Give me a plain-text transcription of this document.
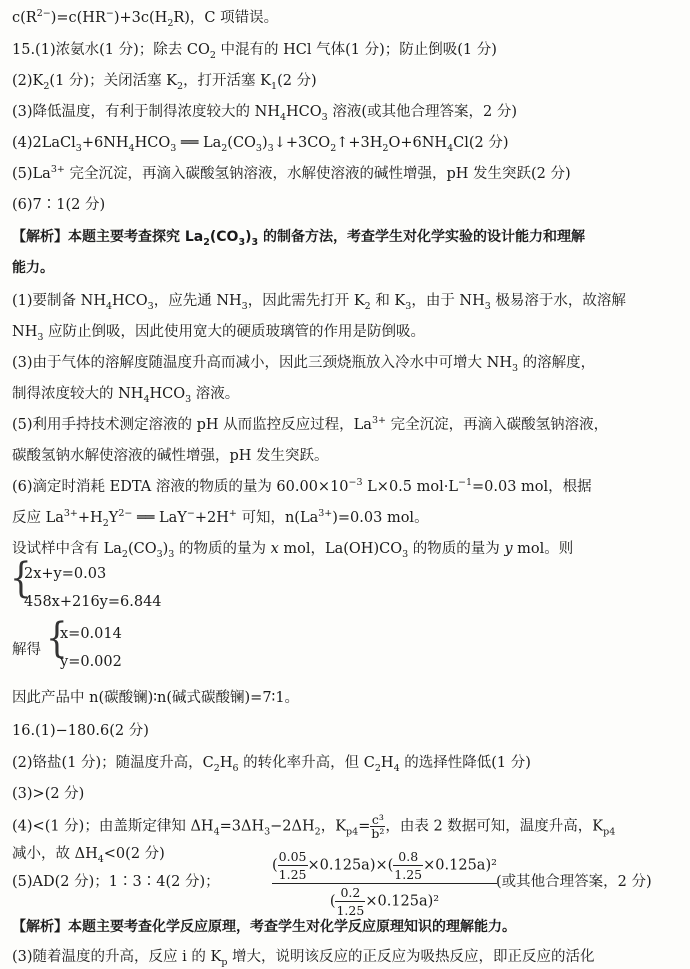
$c(R^{2-})=c(HR^-)+3c(H_2R)$，C 项错误。
15.(1)浓氨水(1 分)；除去 $CO_2$ 中混有的 HCl 气体(1 分)；防止倒吸(1 分)
$(2)K_2(1$ 分)；关闭活塞 $K_2$，打开活塞 $K_1(2$ 分)
(3)降低温度，有利于制得浓度较大的 $NH_4HCO_3$ 溶液(或其他合理答案，2 分)
$(4)2LaCl_3+6NH_4HCO_3$ ══ $La_2(CO_3)_3↓+3CO_2↑+3H_2O+6NH_4Cl(2$ 分)
$(5)La^{3+}$ 完全沉淀，再滴入碳酸氢钠溶液，水解使溶液的碱性增强，pH 发生突跃(2 分)
(6)7∶1(2 分)
【解析】本题主要考查探究 $La_2(CO_3)_3$ 的制备方法，考查学生对化学实验的设计能力和理解
能力。
(1)要制备 $NH_4HCO_3$，应先通 $NH_3$，因此需先打开 $K_2$ 和 $K_3$，由于 $NH_3$ 极易溶于水，故溶解
$NH_3$ 应防止倒吸，因此使用宽大的硬质玻璃管的作用是防倒吸。
(3)由于气体的溶解度随温度升高而减小，因此三颈烧瓶放入冷水中可增大 $NH_3$ 的溶解度，
制得浓度较大的 $NH_4HCO_3$ 溶液。
(5)利用手持技术测定溶液的 pH 从而监控反应过程，$La^{3+}$ 完全沉淀，再滴入碳酸氢钠溶液，
碳酸氢钠水解使溶液的碱性增强，pH 发生突跃。
(6)滴定时消耗 EDTA 溶液的物质的量为 $60.00\times 10^{-3}$ L×0.5 $mol\cdot L^{-1}=0.03$ mol，根据
反应 $La^{3+}+H_2Y^{2-}$ ══ LaY−+2H+ 可知，$n(La^{3+})=0.03$ mol。
设试样中含有 $La_2(CO_3)_3$ 的物质的量为 x mol，$La(OH)CO_3$ 的物质的量为 y mol。则
{
2x+y=0.03
458x+216y=6.844
解得 {
x=0.014
y=0.002
因此产品中 n(碳酸镧)∶n(碱式碳酸镧)=7∶1。
16.(1)−180.6(2 分)
(2)铬盐(1 分)；随温度升高，$C_2H_6$ 的转化率升高，但 $C_2H_4$ 的选择性降低(1 分)
(3)>(2 分)
(4)<(1 分)；由盖斯定律知 $\Delta H_4=3\Delta H_3-2\Delta H_2$，$K_{p4}= \frac{\text{c³}}{\text{b²}}$ ，由表 2 数据可知，温度升高，$K_{p4}$
减小，故 $\Delta H_4<0(2$ 分)
(5)AD(2 分)；1∶3∶4(2 分)；	$\frac{( \frac{0.05}{1.25} \times 0.125a)\times( \frac{0.8}{1.25} \times 0.125a)^2}{( \frac{0.2}{1.25} \times 0.125a)^2}$ (或其他合理答案，2 分)
【解析】本题主要考查化学反应原理，考查学生对化学反应原理知识的理解能力。
(3)随着温度的升高，反应 i 的 $K_p$ 增大，说明该反应的正反应为吸热反应，即正反应的活化
